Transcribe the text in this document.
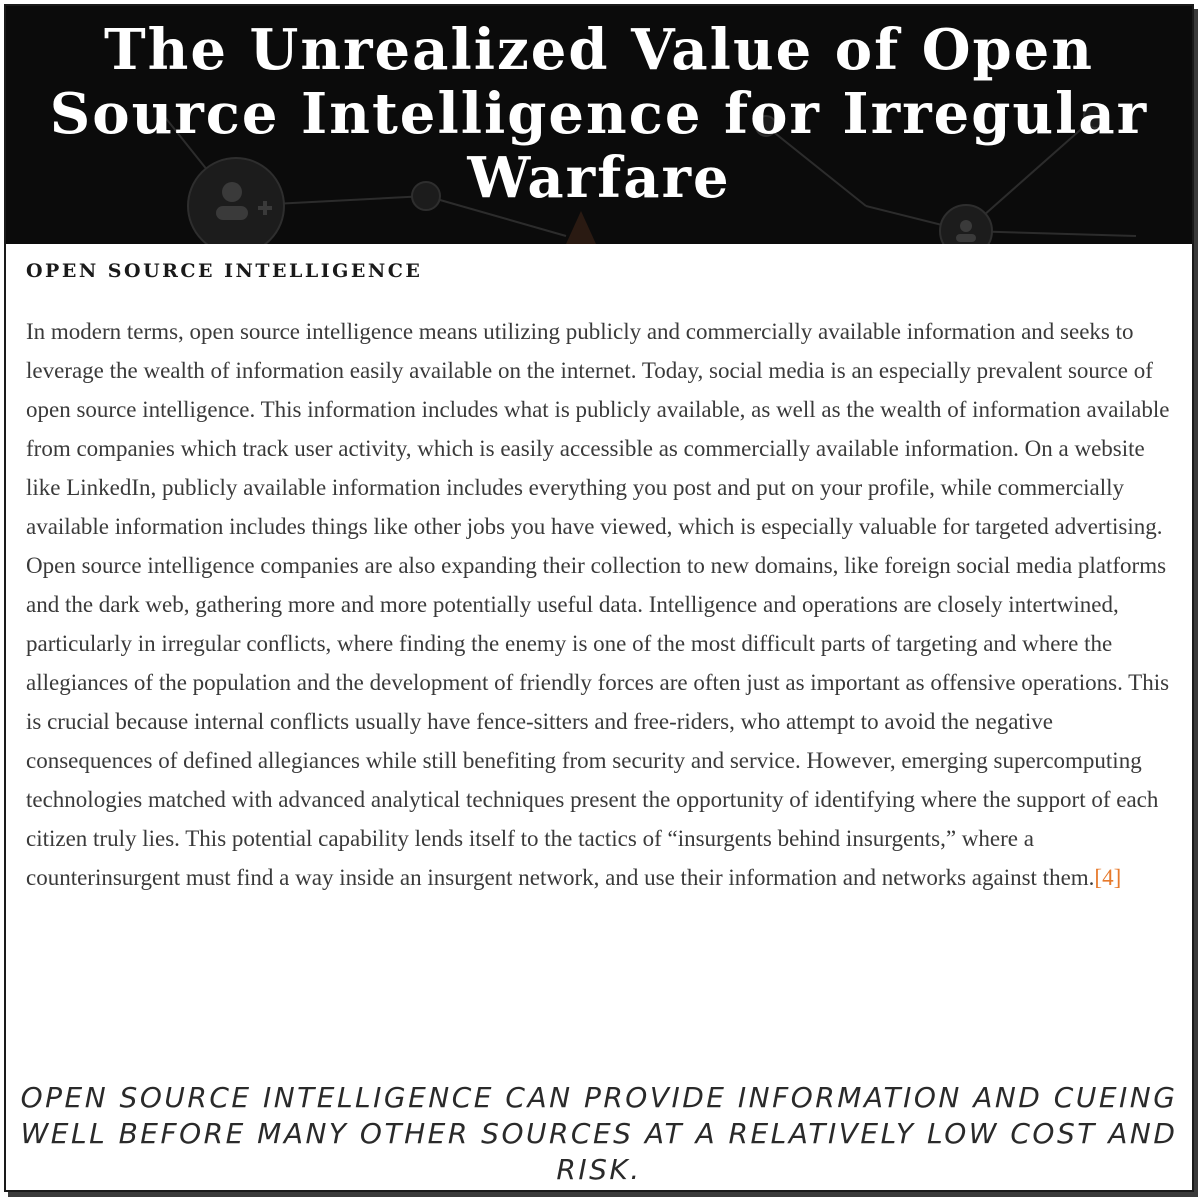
The Unrealized Value of Open Source Intelligence for Irregular Warfare
OPEN SOURCE INTELLIGENCE

In modern terms, open source intelligence means utilizing publicly and commercially available information and seeks to leverage the wealth of information easily available on the internet. Today, social media is an especially prevalent source of open source intelligence. This information includes what is publicly available, as well as the wealth of information available from companies which track user activity, which is easily accessible as commercially available information. On a website like LinkedIn, publicly available information includes everything you post and put on your profile, while commercially available information includes things like other jobs you have viewed, which is especially valuable for targeted advertising. Open source intelligence companies are also expanding their collection to new domains, like foreign social media platforms and the dark web, gathering more and more potentially useful data. Intelligence and operations are closely intertwined, particularly in irregular conflicts, where finding the enemy is one of the most difficult parts of targeting and where the allegiances of the population and the development of friendly forces are often just as important as offensive operations. This is crucial because internal conflicts usually have fence-sitters and free-riders, who attempt to avoid the negative consequences of defined allegiances while still benefiting from security and service. However, emerging supercomputing technologies matched with advanced analytical techniques present the opportunity of identifying where the support of each citizen truly lies. This potential capability lends itself to the tactics of “insurgents behind insurgents,” where a counterinsurgent must find a way inside an insurgent network, and use their information and networks against them.[4]

OPEN SOURCE INTELLIGENCE CAN PROVIDE INFORMATION AND CUEING WELL BEFORE MANY OTHER SOURCES AT A RELATIVELY LOW COST AND RISK.
